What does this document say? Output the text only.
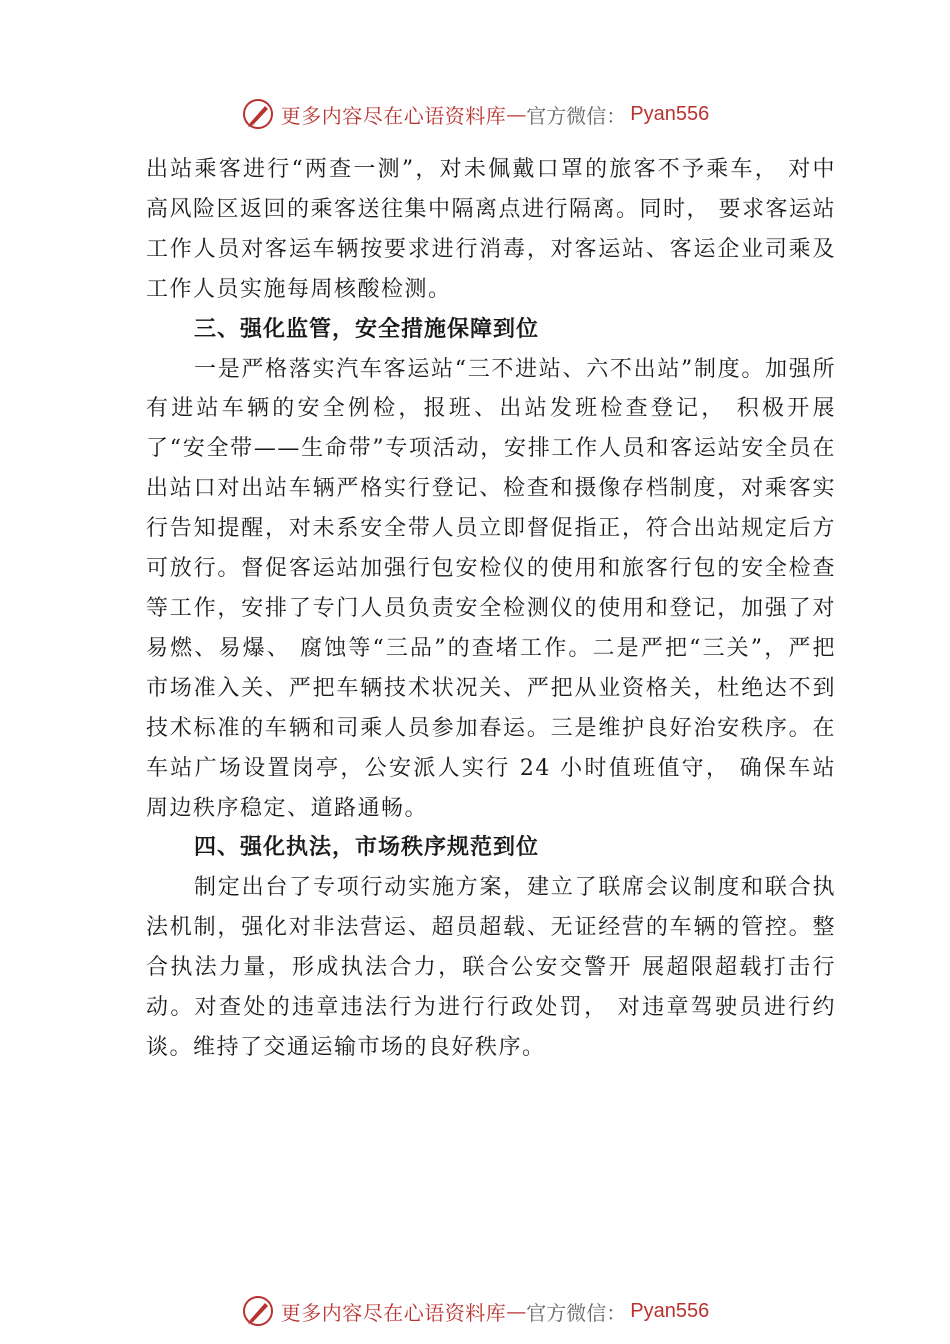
更多内容尽在心语资料库 — 官方微信： Pyan556

出站乘客进行“两查一测”，对未佩戴口罩的旅客不予乘车， 对中高风险区返回的乘客送往集中隔离点进行隔离。同时， 要求客运站工作人员对客运车辆按要求进行消毒，对客运站、客运企业司乘及工作人员实施每周核酸检测。

三、强化监管，安全措施保障到位

一是严格落实汽车客运站“三不进站、六不出站”制度。加强所有进站车辆的安全例检，报班、出站发班检查登记， 积极开展了“安全带——生命带”专项活动，安排工作人员和客运站安全员在出站口对出站车辆严格实行登记、检查和摄像存档制度，对乘客实行告知提醒，对未系安全带人员立即督促指正，符合出站规定后方可放行。督促客运站加强行包安检仪的使用和旅客行包的安全检查等工作，安排了专门人员负责安全检测仪的使用和登记，加强了对易燃、易爆、 腐蚀等“三品”的查堵工作。二是严把“三关”，严把市场准入关、严把车辆技术状况关、严把从业资格关，杜绝达不到技术标准的车辆和司乘人员参加春运。三是维护良好治安秩序。在车站广场设置岗亭，公安派人实行 24 小时值班值守， 确保车站周边秩序稳定、道路通畅。

四、强化执法，市场秩序规范到位

制定出台了专项行动实施方案，建立了联席会议制度和联合执法机制，强化对非法营运、超员超载、无证经营的车辆的管控。整合执法力量，形成执法合力，联合公安交警开 展超限超载打击行动。对查处的违章违法行为进行行政处罚， 对违章驾驶员进行约谈。维持了交通运输市场的良好秩序。

更多内容尽在心语资料库 — 官方微信： Pyan556
